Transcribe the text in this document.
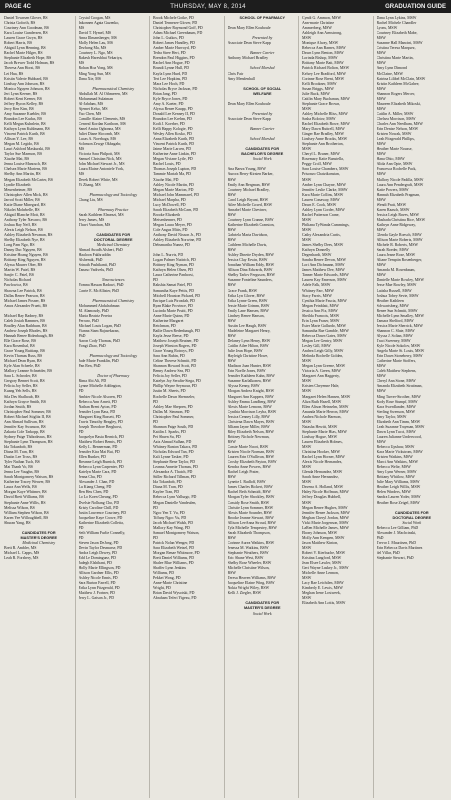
PAGE 4C	THURSDAY, MAY 8, 2014	GRADUATION GUIDE
Daniel Townsen Glover, BS
Christa Goforth, BS
Courtney Ann Goodman, BS
Kara Louise Gundersen, BS
Lauren Grace Gwyn, BS
Robert Harris, BS
Abigail Lynn Henning, BS
Rachel Marie Hilger, BS
Stephanie Elizabeth Hope, BS
Jacob Brewer Todd Holman, BS
Theresa Ann Horst, BS
Lei Hua, BS
Kristin Valerie Hubbard, BS
Lindsay Ann Johnson, BS
Monica Nguyen Johnson, BS
Jeri Lynn Keener, BS
Robert Kent Keener, BS
Jeffrey Byron Kelley, BS
Jerry Ken Kim, BS
Amy Suzanne Kuebler, BS
Brandon Lee Kudus, BS
Kelli Megan Kuhnlein, BS
Kathryn Lynn Kuhlmann, BS
Vincent Patrick Kurth, BS
Allison Y. Lee, BS
Megan M. Legido, BS
Lauri Ashford Maskurski, BS
Taylor Sue Marmon, BS
Xiaohe Mai, BS
Jenna Louise Mancuch, BS
Chelsea Marie Martens, BS
Shelby Ann Martin, BS
Megan Elizabeth McCarter, BS
Lyndie Elizabeth
Meuenheimer, BS
Christopher Allen Mick, BS
Jarrod Scott Miller, BS
Katie Diane Minegard, BS
Nikolet Mohrbelle, BS
Abigail Blanche Mott, BS
Anthony Tyler Navarro, BS
Joshua Ray Neff, BS
Alexis Leigh Nelson, BS
Ashley Elizabeth Newman, BS
Shelby Elizabeth Nye, BS
Long Pam Ngo, BS
Danny Duc Nguyen, BS
Kristine Hoang Nguyen, BS
Brittany King Nguyen, BS
Alyssa Maurer Ober, BS
Martin W. Patel, BS
Sanjiv C. Patel, BS
Nicholas Richard
Pawlowicz, BS
Shawna Lee Patrick, BS
Dallas Renee Pearson, BS
Michael James Posner, BS
Amos Alexander Pruett, BS
Michael Ray Radney, BS
Caleb Josiah Rammes, BS
Bradley Alan Rathburn, BS
Andrew Joseph Rhodes, BS
Hannah Renee Ridenbaugh, BS
Elle Grace Rose, BS
Kara Rosenthal, BS
Grace Young Ruttiasp, BS
Kevin Thomas Russ, BS
Michael Dean Ryan, BS
Kyle Alan Scheele, BS
Mallory Leanne Schneider, BS
Sara L. Schroder, BS
Gregory Bennet Scott, BS
Felicia Joy Seller, BS
Kuang Yeh Sells, BS
Sila Des Shalhoub, BS
Kathryn Grayce Smith, BS
Jordan Smith, BS
Christopher Paul Sommer, BS
Robert Michael Stiglitz II, BS
Ann Ahmad Sullivan, BS
Jennifer Kay Swanson, BS
Zakaria Cole Tarkopp, BS
Sydney Paige Thibodeaux, BS
Stephanie Lynn Thompson, BS
Ida Tokunbob, BS
Diana M. Tran, BS
Dustin Lee Tross, BS
Tyler Nathan Tuch, BS
Mai Thanh Vo, BS
Jenna Lee Vaughn, BS
Sarah Montgomery Watson, BS
Katherine Tracey Weaver, BS
Laura Ann Wells, BS
Morgan Kaye Whitmer, BS
David Brett Williams, BS
Stephanie Anne Willis, BS
Melissa Wilson, BS
William Stephen Wilson, BS
Karen Yee Willoughbell, BS
Shuran Yang, BS
CANDIDATES FOR
MASTER'S DEGREE
Medicinal Chemistry
Brett R. Ambler, MS
Michael L. Capps, MS
Leah R. Forsbery, MS
Crystal Coogan, MS
Inkonnen Agata Guzenko,
MS
David T. Hymel, MS
Anna Illmansberger, MS
Molly Helen Lau, MS
Dezhong Ma, MS
Courtney L. Ngo, MS
Rakesh Haresbhai Vekariya,
MS
Rohan Hoa Vong, MS
Ming Yong Sun, MS
Dana Xie, MS
Pharmaceutical Chemistry
Abdullah M. Al Othmeeen, MS
Mohammad Sulaiman
Al-Jahdam, MS
Ajemet Kelso, MS
Yao Chen, MS
Camille Alaine Clements, MS
Cenreal Kordan Karthorn, MS
Sanel Amira Ogbonna, MS
Juliet Diane Slocomb, MS
Lucas A. Noerbaga, MS
Solomon Zewge Okbagabr,
MS
Victoria Sara Philpott, MS
Samuel Christian Nick, MS
John Michael Stewart Jr., MS
Laura Elaine Antoniele York,
MS
Derek Robert White, MS
Yi Zhang, MS
Pharmacology and Toxicology
Chang Liu, MS
Pharmacy Practice
Sarah Kathleen Elmezzi, MS
Jerry James, MS
Thuvi Vunohan, MS
CANDIDATES FOR
DOCTORAL DEGREE
Medicinal Chemistry
Ahmad Awadh Alsheri, PhD
Haaloon Fakhruddin
Alshemik, PhD
Srinath Pashikanti, PhD
Tanaso Vadivelu, PhD
Neurosciences
Yomna Hassan Badawi, PhD
Carrie E. McAllister, PhD
Pharmaceutical Chemistry
Mohammed Abdulrahman
M. Alamoudy, PhD
Maria Beatriz Pereira
Ferraro, PhD
Michael Louis Logan, PhD
Vianna Siam Rajasekaran,
PhD
Aaron Cody Thomas, PhD
Yongi Zhao, PhD
Pharmacology and Toxicology
Jade Marie Franklin, PhD
Pan Ren, PhD
Doctor of Pharmacy
Rima Abi Ali, PD
Lynne Michelle Addington,
PD
Ambier Nicole Alsoren, PD
Rebecca Ann Arnett, PD
Nathan Brent Ayton, PD
Jennifer Lynn Bass, PD
Margaret King Bassett, PD
Travis Timothy Beagley, PD
Joseph Theodore Berghorst,
PD
Jacquelyn Basia Bernick, PD
Matthew Robert Bemis, PD
Kelly L. Bennerman, PD
Jennifer Kira Mai Bui, PD
Ellen Bunker, PD
Breanne Leigh Burnick, PD
Rebecca Lynn Carpenter, PD
Katelyn Marie Cara, PD
Jenna Chu, PD
Alexander J. Chan, PD
Lu Kiang Cheng, PD
Ben Heu Chen, PD
Lo Lo Koen Cheung, PD
Dvelsie Nolhang Cho, PD
Kristy Caroline Chill, PD
Justin Lawrence Courtney, PD
Jacqueline Kaye Crowe, PD
Katherine Elizabeth Colletta,
PD
Seth William Furlie Connelly,
PD
Steven Jason DeJong, PD
Devin Taylor Desmarse, PD
Andra Leigh Dewey, PD
Edd Le Dominguez, PD
Jadegh Elshibani, PD
Holly Marie Ellingson, PD
Allison Gardner Ellis, PD
Ashley Nicole Ennis, PD
Sara Burton Farrell, PD
Erika Lynn Fitzgerald, PD
Matthew J. Fortner, PD
Jerry L. Gatson Jr., PD
Brook Michele Gotke, PD
Daniel Tennesee Glover, PD
Christopher Raymond Goff, PD
Adam Michael Greenbaum, PD
John L. Gutkos, PD
Robert James Handley, PD
Amber Marie Harvoyd, PD
Tedra Siree Hert, PD
Brendon Paul Higgins, PD
Rachel Ann Hogue, PD
Brandi Lynne Hull, PD
Kayla Lynn Hurd, PD
Teri Lee Hopkins, PD
Mara Lee Hoch, PD
Nicholas Bryce Jackson, PD
Brian Jang, PD
Kyle Bryce Jones, PD
Amy A. Kaeter, PD
Alyssa Renee Kaupp, PD
Donald Lee Kenney II, PD
Brandon Lee Krehm, PD
Kodi J. Koerber, PD
Kelli Happy Kologie, PD
Wesley Allen Kosko, PD
Anna Elizabeth Kurth, PD
Vincent Patrick Kurth, PD
Jaime Marie Larcen, PD
Katherine Anne Linkin, PD
Megan Viviane Lytle, PD
Rachel Louis, PD
Thomas Joseph Lupton, PD
Tammie Mariah Ma, PD
Xiaohe Mai, PD
Ashley Nicole Martin, PD
Megan Marie Marion, PD
Michael John Mammarel, PD
Michael Marpha, PD
Lucy McDowell, PD
Sarah Elizabeth McCarn, PD
Brooke Elizabeth
Meisenhenner, PD
Megan Laura Meyer, PD
Cole Angus Mitts, PD
Anthony David Nixson Jr., PD
Ashley Elizabeth Norwine, PD
Debsmartha Nunez, PD
John L. Nurvis, PD
Logan Palmer Nuttrich, PD
Brittney King Nyman, PD
Kathryn Helen Olsen, PD
Laura Catherine Panhorst,
PD
Rakshia Samat Patel, PD
Samantha Kaye Pettis, PD
Mitchell Houston Pickard, PD
Enrique Luis Pirozdah, PD
Ryan Blake Province, PD
Lucinda Marie Pruitt, PD
Anne Marie Quinn, PD
Katherine Margaret
Reichman, PD
Bailie Dawn Redenbaugh, PD
Kayla Jesse Reese, PD
Matthew Joseph Reutner, PD
Joseph Winston Rogers, PD
Grace Young Rotroys, PD
Sara Ann Rubin, PD
Celine Therese Schmitt, PD
Shannon Howard Scott, PD
Benny Andrew Sea, PD
Felicia Joy Seller, PD
Katelyn Joy Serafin-Siega, PD
Phillip Wayne Seymour, PD
Justin M. Sheets, PD
Rochelle Dawn Shemseler,
PD
Ashley Mae Shepren, PD
Dallas M. Simmon, PD
Christopher Paul Sommer,
PD
Shannon Paige South, PD
Kaitlin J. Sparks, PD
Pei Shuen Su, PD
Aziz Ahmad Sulhan, PD
Whitney Ranton Takacs, PD
Nicholas Edward Tan, PD
Kali Lynne Tasker, PD
Stephanie Rene Taylor, PD
Leanna Annette Thomas, PD
Alexandra A. Thatch, PD
Stiller Richard Tillman, PD
Ida Tokunbob, PD
Diana M. Tran, PD
Kaylee Tran, PD
Rebecca Lynn Vallurgo, PD
Megan Danielle Vandeulen,
PD
Ngoc Yen T. Vu, PD
Tiffany Ngoc Vu, PD
Jacob Michael Walsh, PD
Mallory Kay Wang, PD
Samuel Montgomery Watson,
PD
Patrick Nolan Wenger, PD
Sara Elizabeth Wetzel, PD
Morgan Renae Whitmore, PD
Brett Daniel Williams, PD
Shalee Blue Williams, PD
Shaffer Lynn Jenkins
Williams, PD
Pekkei Wong, PD
Anne-Marie Christine
Wright, PD
Brian David Wysotski, PD
Abraham Teferi Yigezu, PD
SCHOOL OF PHARMACY
Dean Mary Ellen Kouboule
Presented by
Associate Dean Steve Kapp
Banner Carrier
Anthony Michael Bradley
School Marshal
Chris Fair
Amy Mendenhall
SCHOOL OF SOCIAL
WELFARE
Dean Mary Ellen Kouboule
Presented by
Associate Dean Steve Kapp
Banner Carrier
School Marshal
CANDIDATES FOR
BACHELOR'S DEGREE
Social Work
Ana Baeza Young, BSW
Aurora Berry-Kirsten Barker,
BSW
Emily Ann Bergman, BSW
Courtney Michael Bradley,
BSW
Carol Leigh Bryant, BSW
Ailee Michelle Coxed, BSW
Annabel Marie Cheviner,
BSW
Courtney Lynn Cranne, BSW
Katherine Elizabeth Cranston,
BSW
Gabriela Maria Davidson,
BSW
Cathleen Michelle Davis,
BSW
Ashley Dinette Dryden, BSW
Jessica Clay Erwin, BSW
Jonathan William Eddy, BSW
Allison Dina Edwards, BSW
Shelby Tarlov Ferguson, BSW
Suzanne Fonteline Saunders,
BSW
Grace Frank, BSW
Erika Lyn Glover, BSW
Erika Lynne Green, BSW
Jessie Marie Grimm, BSW
Emily Lane Hansen, BSW
Lindsey Renee Hanson,
BSW
Austin Lee Haugh, BSW
Madeleine Margaret Henry,
BSW
Delaney Lynn Henry, BSW
Caitlin Ailee Hilton, BSW
Julie Jean Hope, BSW
Hayleigh Christine Howe,
BSW
Madison Joan Hunter, BSW
Erin Noelle Jones, BSW
Jennifer Kathleen Kahn, BSW
Suzanne Karlalkonea, BSW
Alyssa Kenny, BSW
Morgan Andrea Knight, BSW
Margaret Ann Kuppers, BSW
Ashley Emma Landberg, BSW
Alexis Marie Lemons, BSW
Cynthia Morrison Leyba, BSW
Jessica Cenney Lilly, BSW
Christena Dawn Mayes, BSW
Jilliann Jayne Miller, BSW
Riley Elizabeth Nelson, BSW
Brittney Nichole Newman,
BSW
Cassie Marie Noori, BSW
Kristen Nicole Norman, BSW
Lauren Erin O'Sullivan, BSW
Crosby Elizabeth Payton, BSW
Kendra Anne Powers, BSW
Rachel Leigh Prater,
BSW
Lynette I. Radloff, BSW
James Charles Rickert, BSW
Rachel Beth Schmidt, BSW
Morgan Tyler Shockley, BSW
Cassidy Rose Smith, BSW
Christie Lynn Sommer, BSW
Alexis Marie Sounder, BSW
Brooke Jeanne Stewart, BSW
Allison LeeAnna Stroud, BSW
Tyla Michelle Tempestey, BSW
Sarah Elizabeth Thompson,
BSW
Corinne Aurea Watkins, BSW
Jenessa M. Watkins, BSW
Stephanie Weathers, BSW
Eric Shane West, BSW
Shelby Rose Wheeler, BSW
Michelle Christine Wilson,
BSW
Teresa Heaven Williams, BSW
Jacqueline Elaine Wing, BSW
Nokia Wright Wiley, BSW
Kelli J. Ziegler, BSW
CANDIDATES FOR
MASTER'S DEGREE
Social Work
Cyndi G. Ammon, MSW
Ann-marie Christine
Ammerberg, MSW
Ashleigh Ann Armstrong,
MSW
Monique Alway, MSW
Rebecca Ann Barnes, MSW
Dawn Lynn Benton, MSW
Lorinda Bishop, MSW
Brittany Marie Batt, MSW
Patrick Richard Bolton, MSW
Kelsey Lee Bradford, MSW
Corinne Rose Brent, MSW
Kelli Brookner, MSW
Susan Briggs, MSW
Julie Buck, MSW
Caitlin Mary Buchanan, MSW
Stephanie Grace Brown,
MSW
Ashley Michelle Bliss, MSW
Sasha Bolotov, MSW
Rachel Elizabeth Bowe, MSW
Mary Dawn Buttrell, MSW
Ginger Rae Bradley, MSW
Lindsey Anne Brooks, MSW
Stephanie Ann Brotherton,
MSW
Cheryl L. Bruner, MSW
Rosemary Katie Bunstella,
Peggy Croll, MSW
Sara Louise Chambers, MSW
Prisonzo Chatzikonstan,
MSW
Amber Lynn Chayne, MSW
Jennifer Leslie Clarke, MSW
Kara Marie Collins, MSW
Lauren Conaway, MSW
Dawn E. Cook, MSW
Ashley Lynn Corder, MSW
Rachel Patterson Crane,
MSW
Philiana TyWanda Cummings,
MSW
Cathy Alexandria Curtis,
MSW
James Shelby Dees, MSW
Kathryn Donnelly
Degenhardt, MSW
Sandra Renee Devon, MSW
Lori Ann Dichmann, MSW
James Matthew Dee, MSW
Tanner Marie Edwards, MSW
Lauren Kay Emerson, MSW
Adele Falk, MSW
Whitney Farr, MSW
Stacy Farris, MSW
Cynthia Marie Fascia, MSW
Megan Feinblatt, MSW
Jessica Ann Fix, MSW
Sheilda Francois, MSW
Erin Lynn Fraser, MSW
Ester Marie Gallardo, MSW
Samantha Rae Gamble, MSW
Rebecca Dawn Gates, MSW
Megan Lee Gentry, MSW
Lesley Gill, MSW
Andrea Leigh Gilly, MSW
Melinda Rochelle Golden,
MSW
Megan Lynn Greene, MSW
Victoria A. Green, MSW
Margaret Ann Haggerty,
MSW
Kristen Cheyenne Hale,
MSW
Margaret Helen Hansen, MSW
Aliza Ruth Hazell, MSW
Ellen Alison Heinselm, MSW
Amanda Marie Herron, MSW
Andrea Nichole Harmon,
MSW
Natasha Hewitt, MSW
Stephanie Marie Hias, MSW
Lindsay Hogue, MSW
Lauren Elizabeth Holmes,
MSW
Christina Hooker, MSW
Rachel Lynn Horner, MSW
Alexis Nicole Hernandez,
MSW
Glenda Hernandez, MSW
Sarah Anne Hernandez,
MSW
Davena A. Holland, MSW
Haley Nicole Hoffman, MSW
Jeffrey Douglas Hubbell,
MSW
Megan Renee Hughes, MSW
Jennifer Renee Jackson, MSW
Meghan Cheryl Jordan, MSW
Vicki Marie Jorgenson, MSW
LaRen Michelle James, MSW
Ebony Johnson, MSW
Molly Ann Kempen, MSW
Jason Matthew Kinton,
MSW
Robert V. Kierbuche, MSW
Kristina Langford, MSW
Jean Elsee Lawler, MSW
Geri Wayne Laskey Jr., MSW
Michelle Anne Lennon,
MSW
Lacy Rae Leichtlen, MSW
Kimberly E. Lewis, MSW
Meghan Irene Lostweek,
MSW
Elizabeth Ann Lottis, MSW
Dana Lynn Lykins, MSW
Rachel Michele Chandler
Lyons, MSW
Courtney Elizabeth Mabe,
MSW
Suzanne Hall Mancini, MSW
Cristina Teresa Marquez,
MSW
Christina Marie Martin,
MSW
Amy Lynn Dimond
McClaine, MSW
Katrina Lilibel McClain, MSW
Kristin Kathleen McGahee,
MSW
Shannon Rogers Mercer,
MSW
Maureen Elizabeth Mikoski,
MSW
Caitlin A. Miller, MSW
Chelsea Morrison, MSW
Charles Ann Needham, MSW
Erin Denise Nelson, MSW
Kristen Nowak, MSW
Leah Fitzgerald Phillips,
MSW
Heather Marie Nousse,
MSW
Hana Ohio, MSW
Alida Ann Opie, MSW
Francesca Rochelle Pack,
MSW
Mallory Nicole Padilla, MSW
Laura Ann Pendergraft, MSW
Katie Powers, MSW
Hannah Elizabeth Pragman,
MSW
Wendi Pratt, MSW
Karen Raasch, MSW
Jessica Leigh Raves, MSW
Mashada Christina Rice, MSW
Kathryn Anne Ridgeway,
MSW
Glenda Gayle Roesch, MSW
Allison Marie Roberts, MSW
Michele R. Roberts, MSW
Sarah Roeder, MSW
Laura Jeane Rose, MSW
Aliane Temptin Rosenberger,
MSW
Amanda M. Rosenbaum,
MSW
Danielle Marie Rowley, MSW
Jesse Mae Rowley, MSW
Latisha Russell, MSW
Joshua Tobey Sevie, MSW
Heather Kathleen
Schwartsberg, MSW
Renee Sun Schmitt, MSW
Michelle Lynn Smalley, MSW
Tamara Shelford, MSW
Jessica Marie Sherrick, MSW
Shannon C. Slate, MSW
Alyssa J. Soltan, MSW
Traci Sweeney, MSW
Kyle Nicole Sokolov, MSW
Angela Marie St. Louis, MSW
Erin Dawn Stoneberry, MSW
Catherine Marie Stoffers,
MSW
Caleb Matthew Stephens,
MSW
Cheryl Ann Stone, MSW
Amanda Elizabeth Strattman,
MSW
Ming Tarver-Strother, MSW
Kody Rose Stumpf, MSW
Kara Swerdlander, MSW
Sterling Swenson, MSW
Amy Taylor, MSW
Elizabeth Ann Timm, MSW
Leah Suzanne Trayman, MSW
Dawn Lynn Tucci, MSW
Lauren Julianne Underwood,
MSW
Rebecca Upshaw, MSW
Kara Marie Vickstrom, MSW
Kristen Watkins, MSW
Marci Ann Watkins, MSW
Rebecca Welte, MSW
Amy Lynn Werner, MSW
Brittany Whitlow, MSW
Julie Mary Williams, MSW
Heather Leigh Willis, MSW
Helen Winders, MSW
Sandra Lauren Yoder, MSW
Heather Rose Zeigel, MSW
CANDIDATES FOR
DOCTORAL DEGREE
Social Work
Rebecca Lee Gilliam, PhD
Alexander J. Machcinski,
PhD
Trevor J. Mauritsen, PhD
Erin Rebecca Davis Martinez
del Villar, PhD
Stephanie Stewart, PhD
